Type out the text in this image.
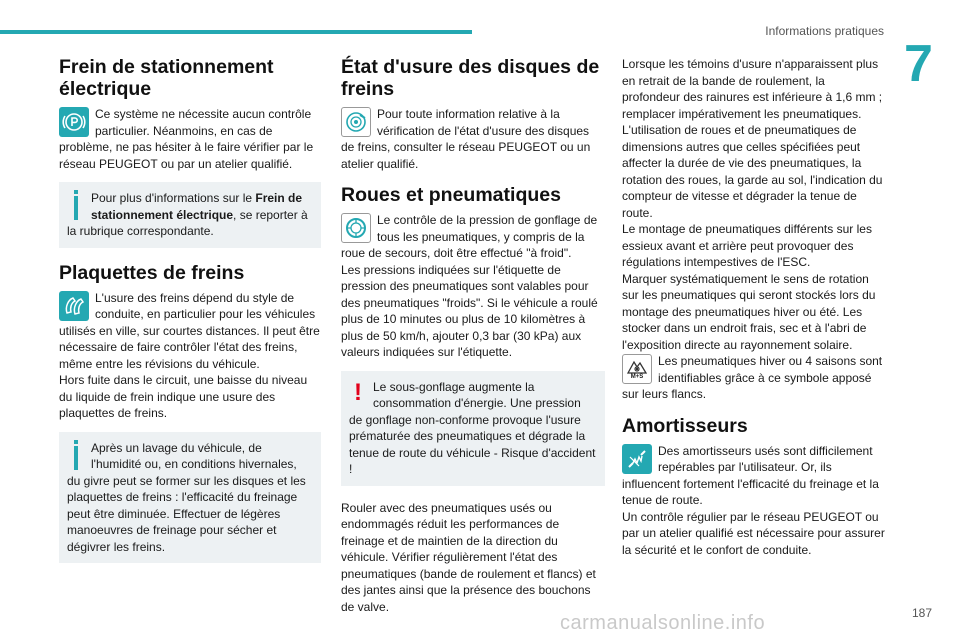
Informations pratiques
7
Frein de stationnement électrique

Ce système ne nécessite aucun contrôle particulier. Néanmoins, en cas de problème, ne pas hésiter à le faire vérifier par le réseau PEUGEOT ou par un atelier qualifié.

Pour plus d'informations sur le Frein de stationnement électrique, se reporter à la rubrique correspondante.

Plaquettes de freins

L'usure des freins dépend du style de conduite, en particulier pour les véhicules utilisés en ville, sur courtes distances. Il peut être nécessaire de faire contrôler l'état des freins, même entre les révisions du véhicule.

Hors fuite dans le circuit, une baisse du niveau du liquide de frein indique une usure des plaquettes de freins.

Après un lavage du véhicule, de l'humidité ou, en conditions hivernales, du givre peut se former sur les disques et les plaquettes de freins : l'efficacité du freinage peut être diminuée. Effectuer de légères manoeuvres de freinage pour sécher et dégivrer les freins.

État d'usure des disques de freins

Pour toute information relative à la vérification de l'état d'usure des disques de freins, consulter le réseau PEUGEOT ou un atelier qualifié.

Roues et pneumatiques

Le contrôle de la pression de gonflage de tous les pneumatiques, y compris de la roue de secours, doit être effectué "à froid".

Les pressions indiquées sur l'étiquette de pression des pneumatiques sont valables pour des pneumatiques "froids". Si le véhicule a roulé plus de 10 minutes ou plus de 10 kilomètres à plus de 50 km/h, ajouter 0,3 bar (30 kPa) aux valeurs indiquées sur l'étiquette.

! Le sous-gonflage augmente la consommation d'énergie. Une pression de gonflage non-conforme provoque l'usure prématurée des pneumatiques et dégrade la tenue de route du véhicule - Risque d'accident !

Rouler avec des pneumatiques usés ou endommagés réduit les performances de freinage et de maintien de la direction du véhicule. Vérifier régulièrement l'état des pneumatiques (bande de roulement et flancs) et des jantes ainsi que la présence des bouchons de valve.

Lorsque les témoins d'usure n'apparaissent plus en retrait de la bande de roulement, la profondeur des rainures est inférieure à 1,6 mm ; remplacer impérativement les pneumatiques.

L'utilisation de roues et de pneumatiques de dimensions autres que celles spécifiées peut affecter la durée de vie des pneumatiques, la rotation des roues, la garde au sol, l'indication du compteur de vitesse et dégrader la tenue de route.

Le montage de pneumatiques différents sur les essieux avant et arrière peut provoquer des régulations intempestives de l'ESC.

Marquer systématiquement le sens de rotation sur les pneumatiques qui seront stockés lors du montage des pneumatiques hiver ou été. Les stocker dans un endroit frais, sec et à l'abri de l'exposition directe au rayonnement solaire.

M+S

Les pneumatiques hiver ou 4 saisons sont identifiables grâce à ce symbole apposé sur leurs flancs.

Amortisseurs

Des amortisseurs usés sont difficilement repérables par l'utilisateur. Or, ils influencent fortement l'efficacité du freinage et la tenue de route.

Un contrôle régulier par le réseau PEUGEOT ou par un atelier qualifié est nécessaire pour assurer la sécurité et le confort de conduite.

carmanualsonline.info	187
